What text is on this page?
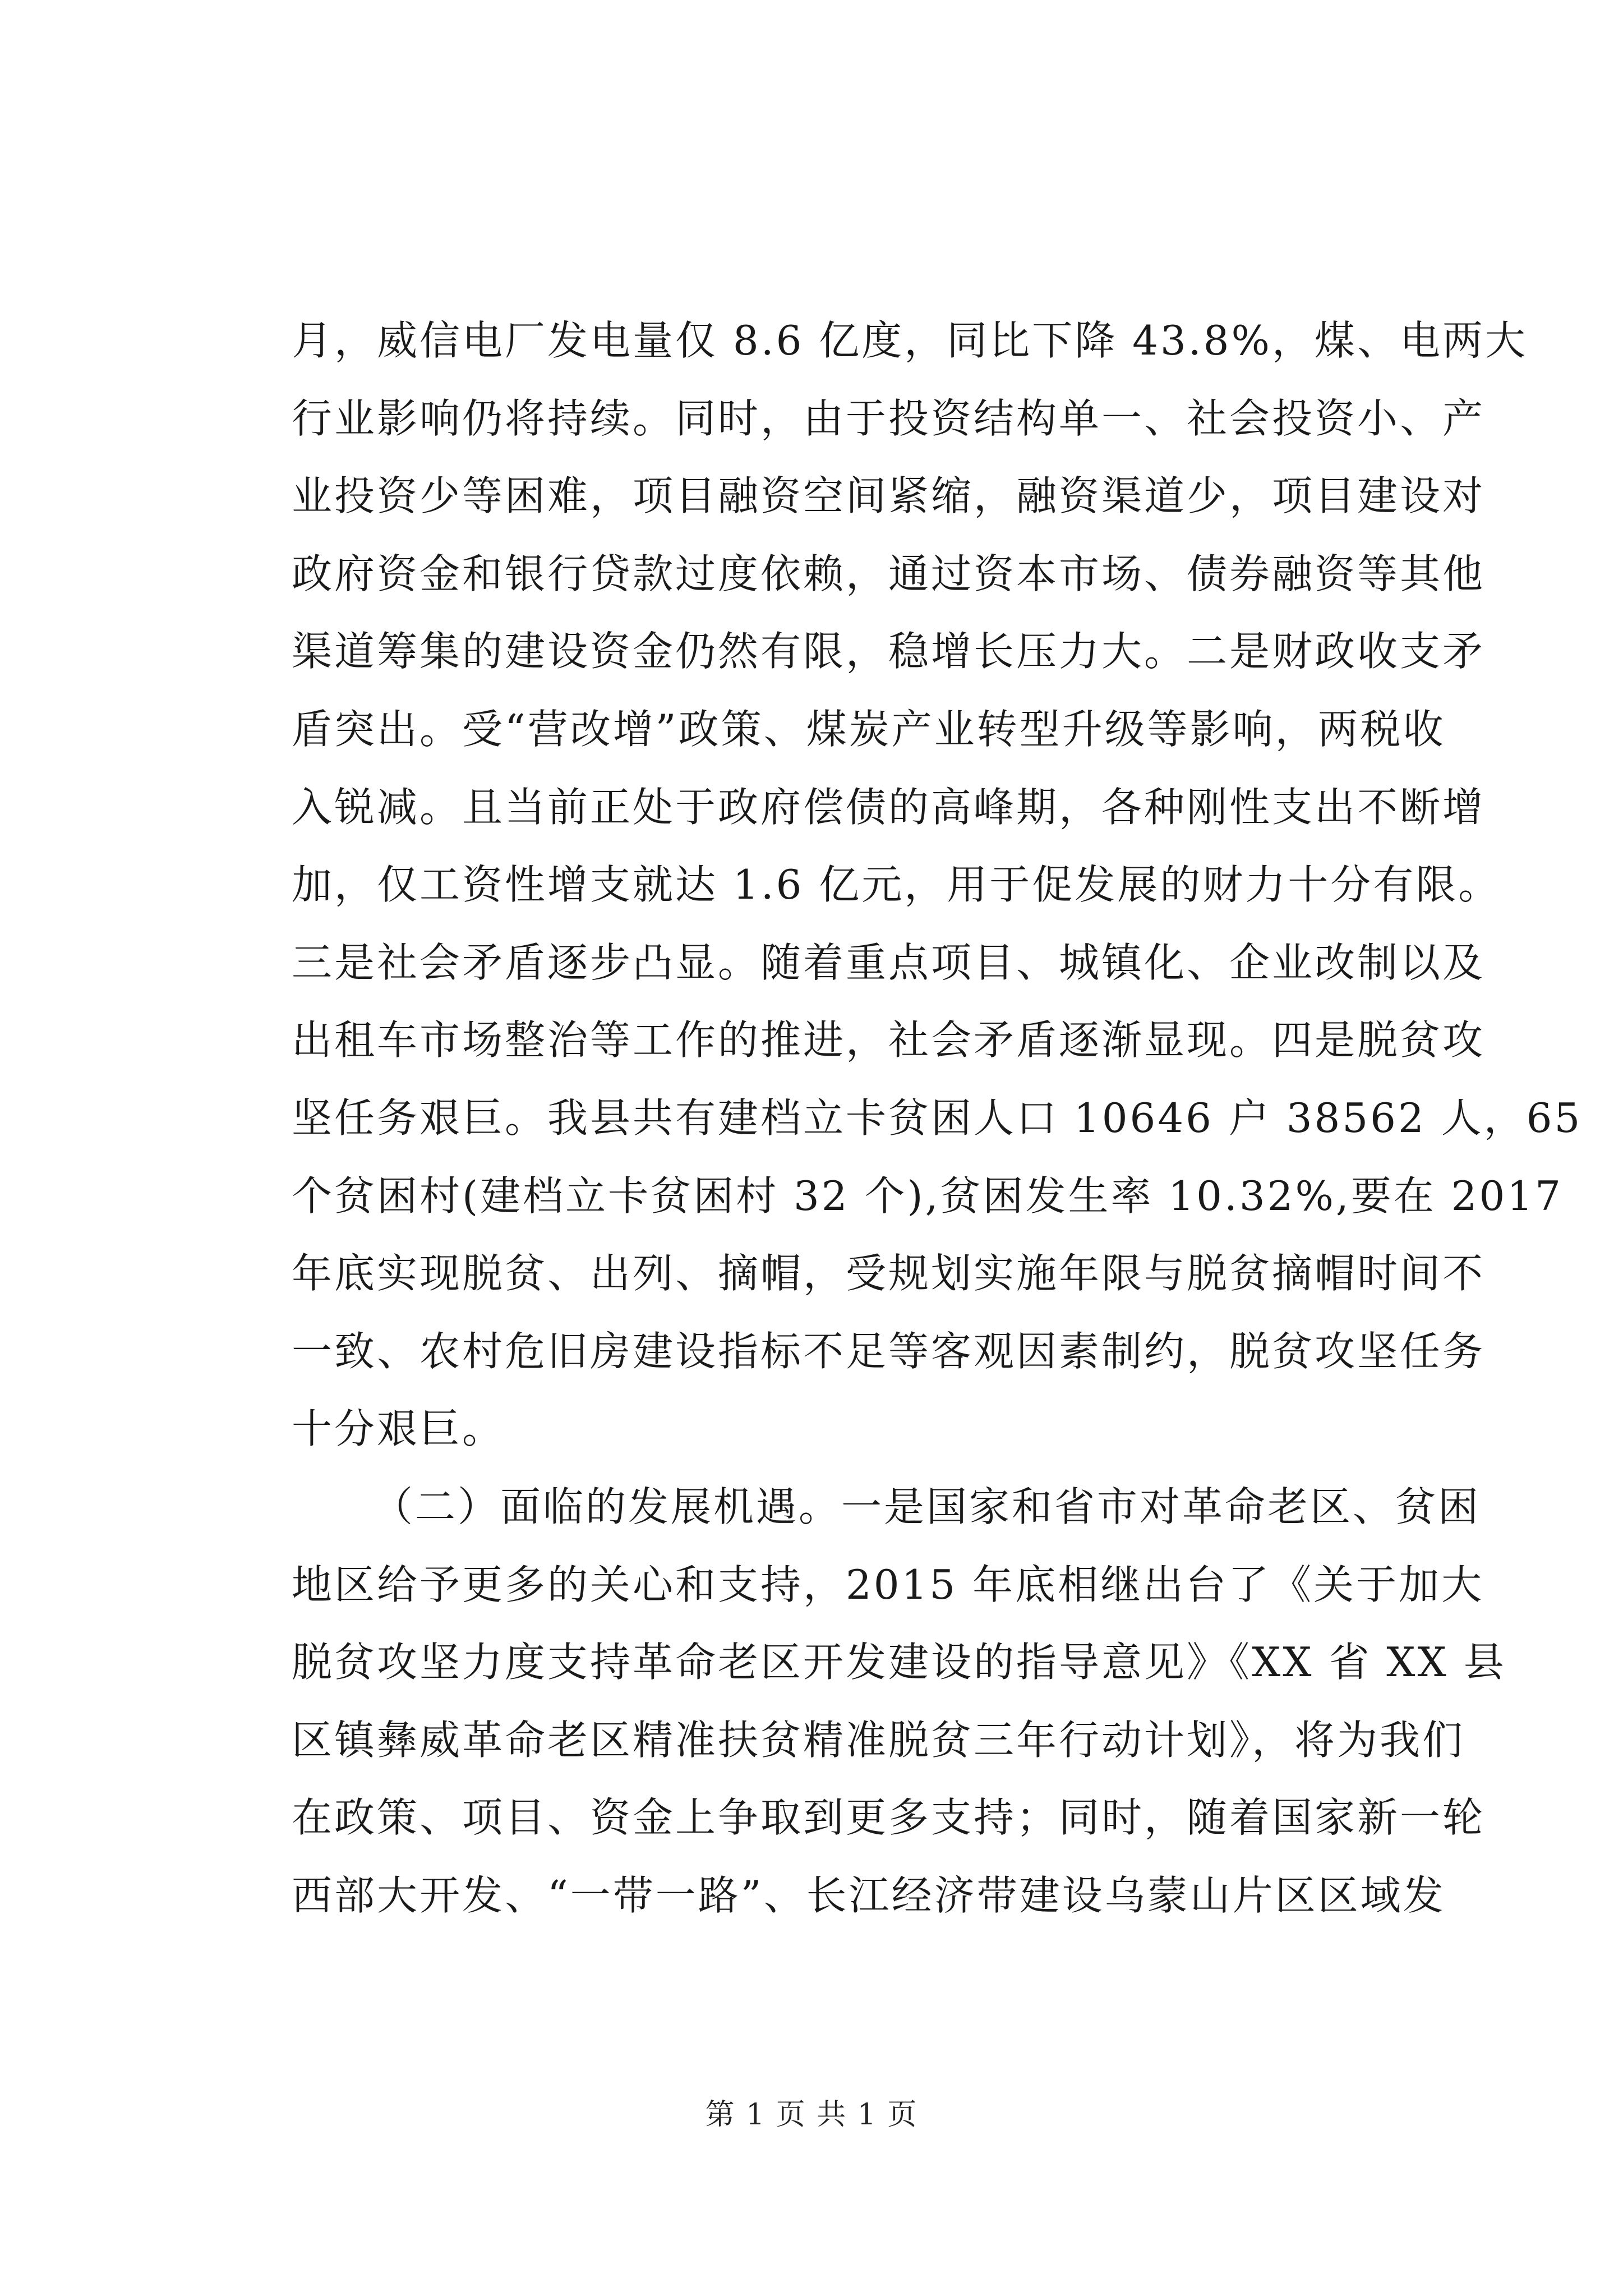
月，威信电厂发电量仅 8.6 亿度，同比下降 43.8%，煤、电两大
行业影响仍将持续。同时，由于投资结构单一、社会投资小、产
业投资少等困难，项目融资空间紧缩，融资渠道少，项目建设对
政府资金和银行贷款过度依赖，通过资本市场、债券融资等其他
渠道筹集的建设资金仍然有限，稳增长压力大。二是财政收支矛
盾突出。受“营改增”政策、煤炭产业转型升级等影响，两税收
入锐减。且当前正处于政府偿债的高峰期，各种刚性支出不断增
加，仅工资性增支就达 1.6 亿元，用于促发展的财力十分有限。
三是社会矛盾逐步凸显。随着重点项目、城镇化、企业改制以及
出租车市场整治等工作的推进，社会矛盾逐渐显现。四是脱贫攻
坚任务艰巨。我县共有建档立卡贫困人口 10646 户 38562 人，65
个贫困村(建档立卡贫困村 32 个),贫困发生率 10.32%,要在 2017
年底实现脱贫、出列、摘帽，受规划实施年限与脱贫摘帽时间不
一致、农村危旧房建设指标不足等客观因素制约，脱贫攻坚任务
十分艰巨。
（二）面临的发展机遇。一是国家和省市对革命老区、贫困
地区给予更多的关心和支持，2015 年底相继出台了《关于加大
脱贫攻坚力度支持革命老区开发建设的指导意见》《XX 省 XX 县
区镇彝威革命老区精准扶贫精准脱贫三年行动计划》，将为我们
在政策、项目、资金上争取到更多支持；同时，随着国家新一轮
西部大开发、“一带一路”、长江经济带建设乌蒙山片区区域发
第 1 页 共 1 页
